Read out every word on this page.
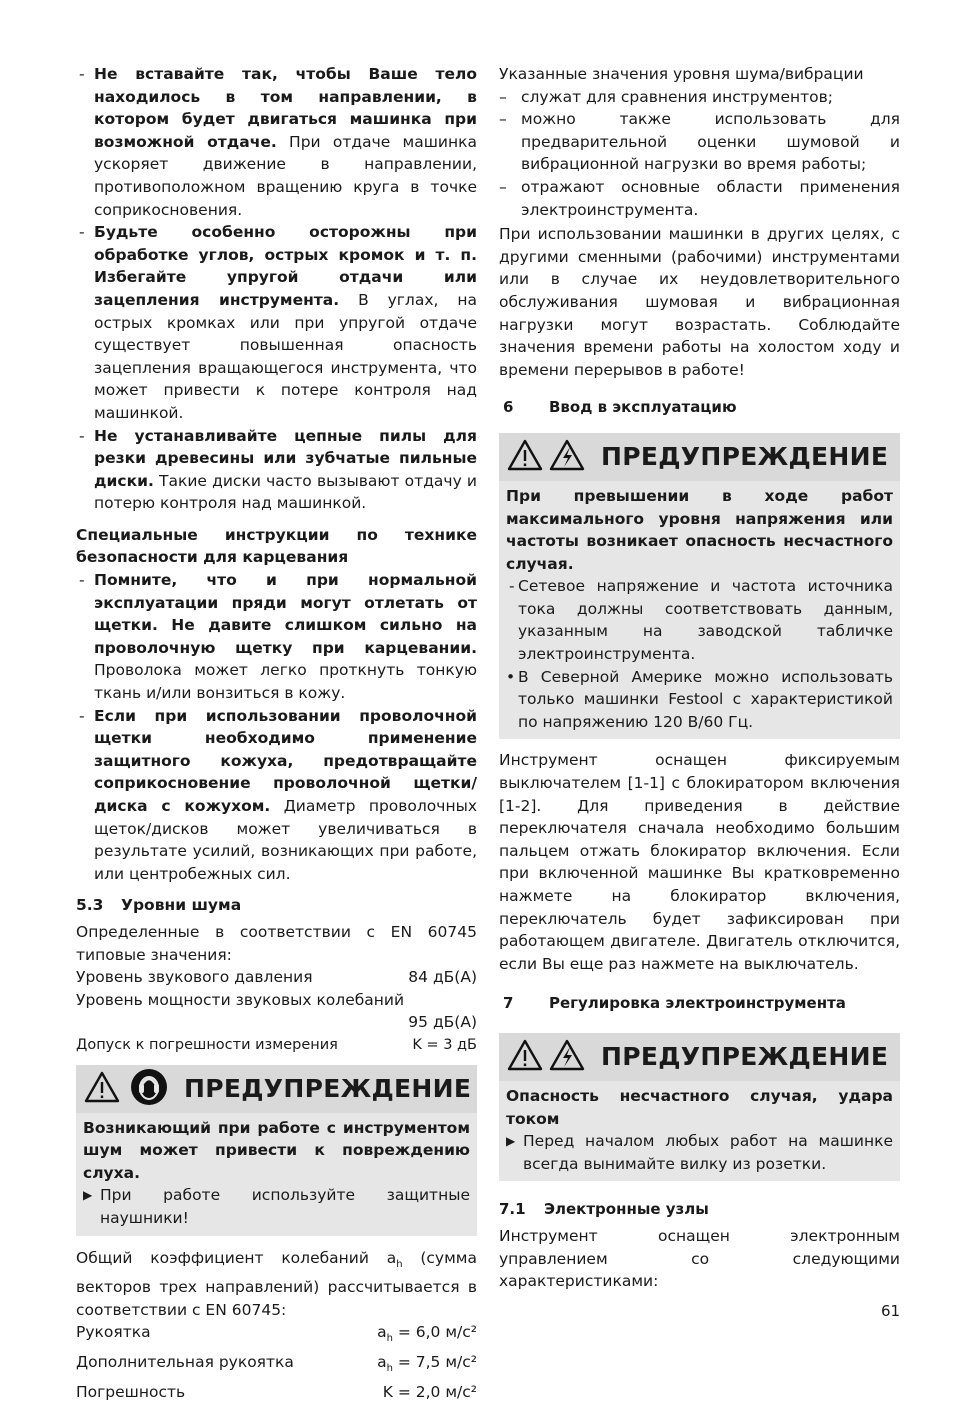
- Не вставайте так, чтобы Ваше тело находилось в том направлении, в котором будет двигаться машинка при возможной отдаче. При отдаче машинка ускоряет движение в направлении, противоположном вращению круга в точке соприкосновения.
- Будьте особенно осторожны при обработке углов, острых кромок и т. п. Избегайте упругой отдачи или зацепления инструмента. В углах, на острых кромках или при упругой отдаче существует повышенная опасность зацепления вращающегося инструмента, что может привести к потере контроля над машинкой.
- Не устанавливайте цепные пилы для резки древесины или зубчатые пильные диски. Такие диски часто вызывают отдачу и потерю контроля над машинкой.

Специальные инструкции по технике безопасности для карцевания

- Помните, что и при нормальной эксплуатации пряди могут отлетать от щетки. Не давите слишком сильно на проволочную щетку при карцевании. Проволока может легко проткнуть тонкую ткань и/или вонзиться в кожу.
- Если при использовании проволочной щетки необходимо применение защитного кожуха, предотвращайте соприкосновение проволочной щетки/диска с кожухом. Диаметр проволочных щеток/дисков может увеличиваться в результате усилий, возникающих при работе, или центробежных сил.
5.3 Уровни шума

Определенные в соответствии с EN 60745 типовые значения:

Уровень звукового давления	84 дБ(A)
Уровень мощности звуковых колебаний
95 дБ(A)
Допуск к погрешности измерения	K = 3 дБ
ПРЕДУПРЕЖДЕНИЕ

Возникающий при работе с инструментом шум может привести к повреждению слуха.

▶ При работе используйте защитные наушники!

Общий коэффициент колебаний $a_h$ (сумма векторов трех направлений) рассчитывается в соответствии с EN 60745:

Рукоятка	$a_h = 6,0$ м/с²
Дополнительная рукоятка	$a_h = 7,5$ м/с²
Погрешность	K = 2,0 м/с²

Указанные значения уровня шума/вибрации

– служат для сравнения инструментов;
– можно также использовать для предварительной оценки шумовой и вибрационной нагрузки во время работы;
– отражают основные области применения электроинструмента.

При использовании машинки в других целях, с другими сменными (рабочими) инструментами или в случае их неудовлетворительного обслуживания шумовая и вибрационная нагрузки могут возрастать. Соблюдайте значения времени работы на холостом ходу и времени перерывов в работе!

6 Ввод в эксплуатацию
ПРЕДУПРЕЖДЕНИЕ

При превышении в ходе работ максимального уровня напряжения или частоты возникает опасность несчастного случая.

- Сетевое напряжение и частота источника тока должны соответствовать данным, указанным на заводской табличке электроинструмента.
• В Северной Америке можно использовать только машинки Festool с характеристикой по напряжению 120 В/60 Гц.

Инструмент оснащен фиксируемым выключателем [1-1] с блокиратором включения [1-2]. Для приведения в действие переключателя сначала необходимо большим пальцем отжать блокиратор включения. Если при включенной машинке Вы кратковременно нажмете на блокиратор включения, переключатель будет зафиксирован при работающем двигателе. Двигатель отключится, если Вы еще раз нажмете на выключатель.

7 Регулировка электроинструмента
ПРЕДУПРЕЖДЕНИЕ

Опасность несчастного случая, удара током

▶ Перед началом любых работ на машинке всегда вынимайте вилку из розетки.
7.1 Электронные узлы

Инструмент оснащен электронным управлением со следующими характеристиками:

61
